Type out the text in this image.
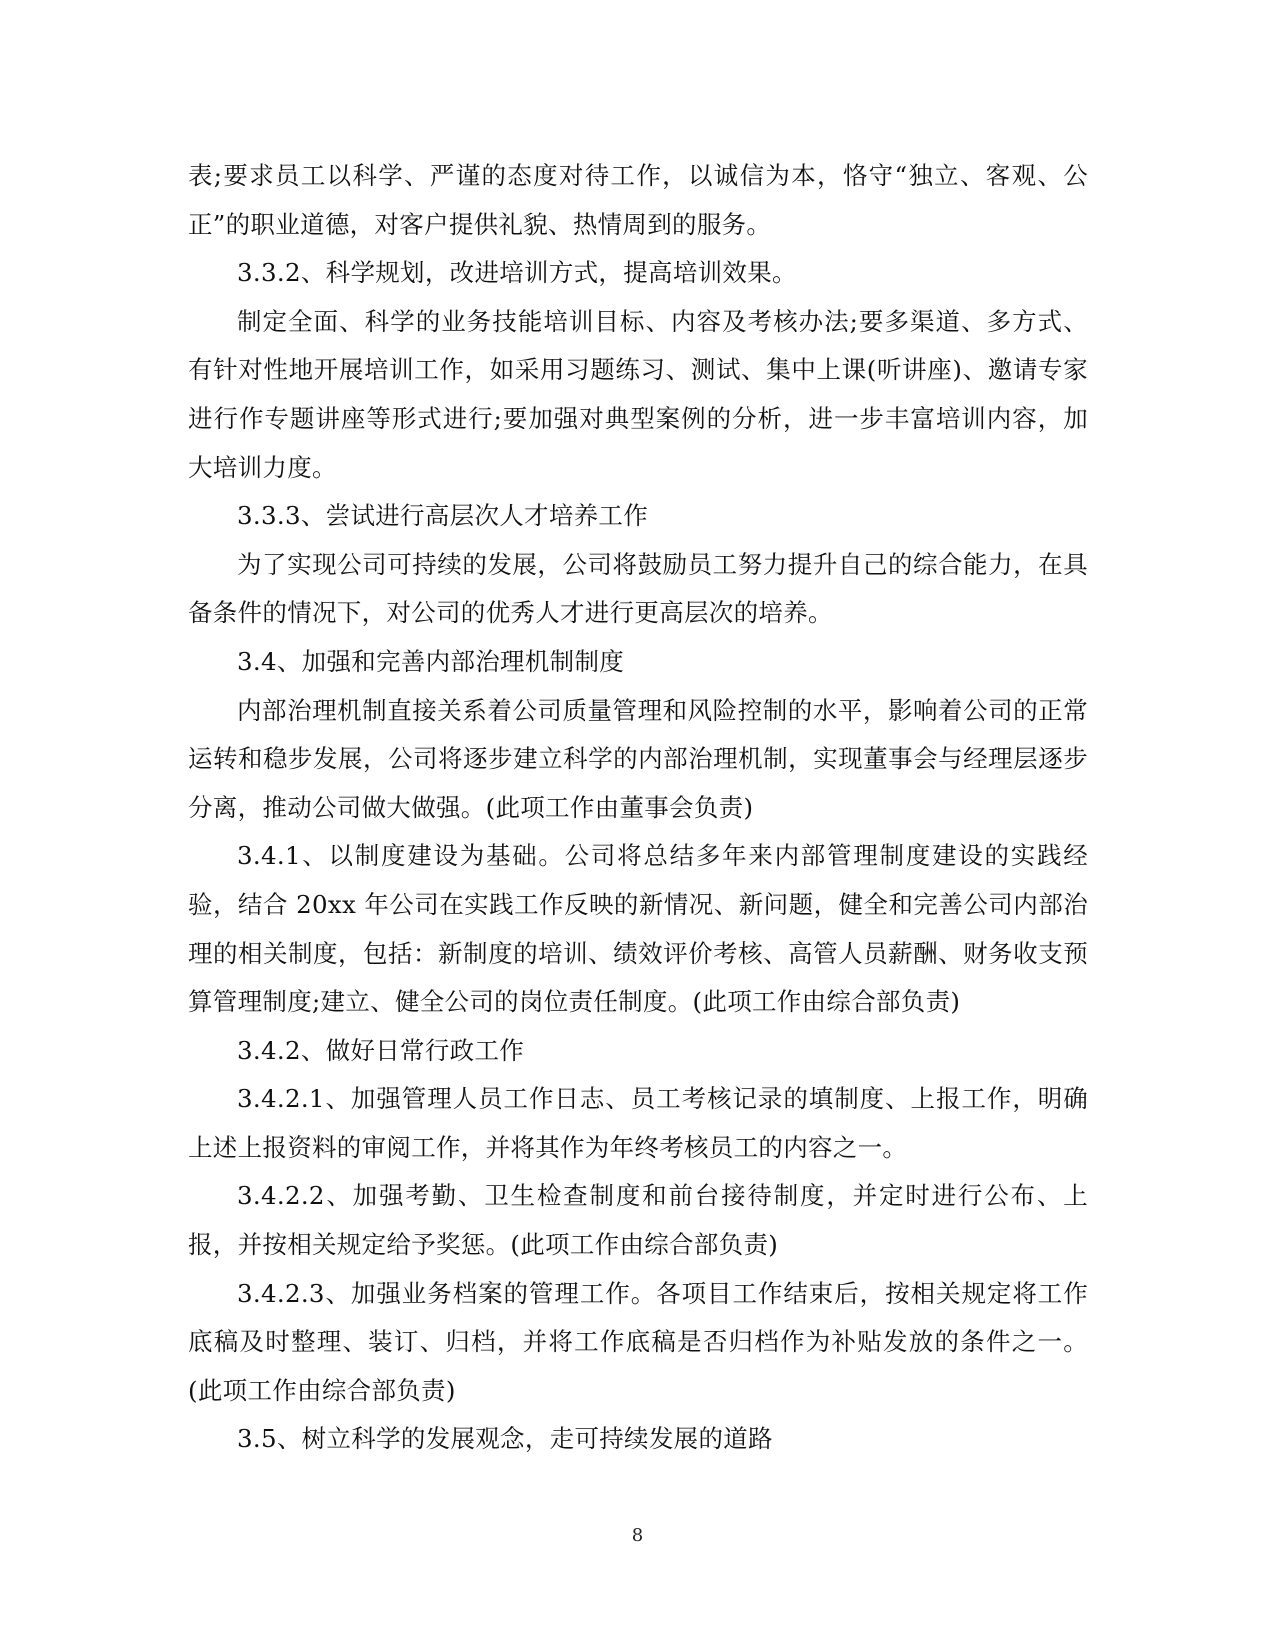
表;要求员工以科学、严谨的态度对待工作，以诚信为本，恪守“独立、客观、公正”的职业道德，对客户提供礼貌、热情周到的服务。

3.3.2、科学规划，改进培训方式，提高培训效果。

制定全面、科学的业务技能培训目标、内容及考核办法;要多渠道、多方式、有针对性地开展培训工作，如采用习题练习、测试、集中上课(听讲座)、邀请专家进行作专题讲座等形式进行;要加强对典型案例的分析，进一步丰富培训内容，加大培训力度。

3.3.3、尝试进行高层次人才培养工作

为了实现公司可持续的发展，公司将鼓励员工努力提升自己的综合能力，在具备条件的情况下，对公司的优秀人才进行更高层次的培养。

3.4、加强和完善内部治理机制制度

内部治理机制直接关系着公司质量管理和风险控制的水平，影响着公司的正常运转和稳步发展，公司将逐步建立科学的内部治理机制，实现董事会与经理层逐步分离，推动公司做大做强。(此项工作由董事会负责)

3.4.1、以制度建设为基础。公司将总结多年来内部管理制度建设的实践经验，结合 20xx 年公司在实践工作反映的新情况、新问题，健全和完善公司内部治理的相关制度，包括：新制度的培训、绩效评价考核、高管人员薪酬、财务收支预算管理制度;建立、健全公司的岗位责任制度。(此项工作由综合部负责)

3.4.2、做好日常行政工作

3.4.2.1、加强管理人员工作日志、员工考核记录的填制度、上报工作，明确上述上报资料的审阅工作，并将其作为年终考核员工的内容之一。

3.4.2.2、加强考勤、卫生检查制度和前台接待制度，并定时进行公布、上报，并按相关规定给予奖惩。(此项工作由综合部负责)

3.4.2.3、加强业务档案的管理工作。各项目工作结束后，按相关规定将工作底稿及时整理、装订、归档，并将工作底稿是否归档作为补贴发放的条件之一。(此项工作由综合部负责)

3.5、树立科学的发展观念，走可持续发展的道路

8
